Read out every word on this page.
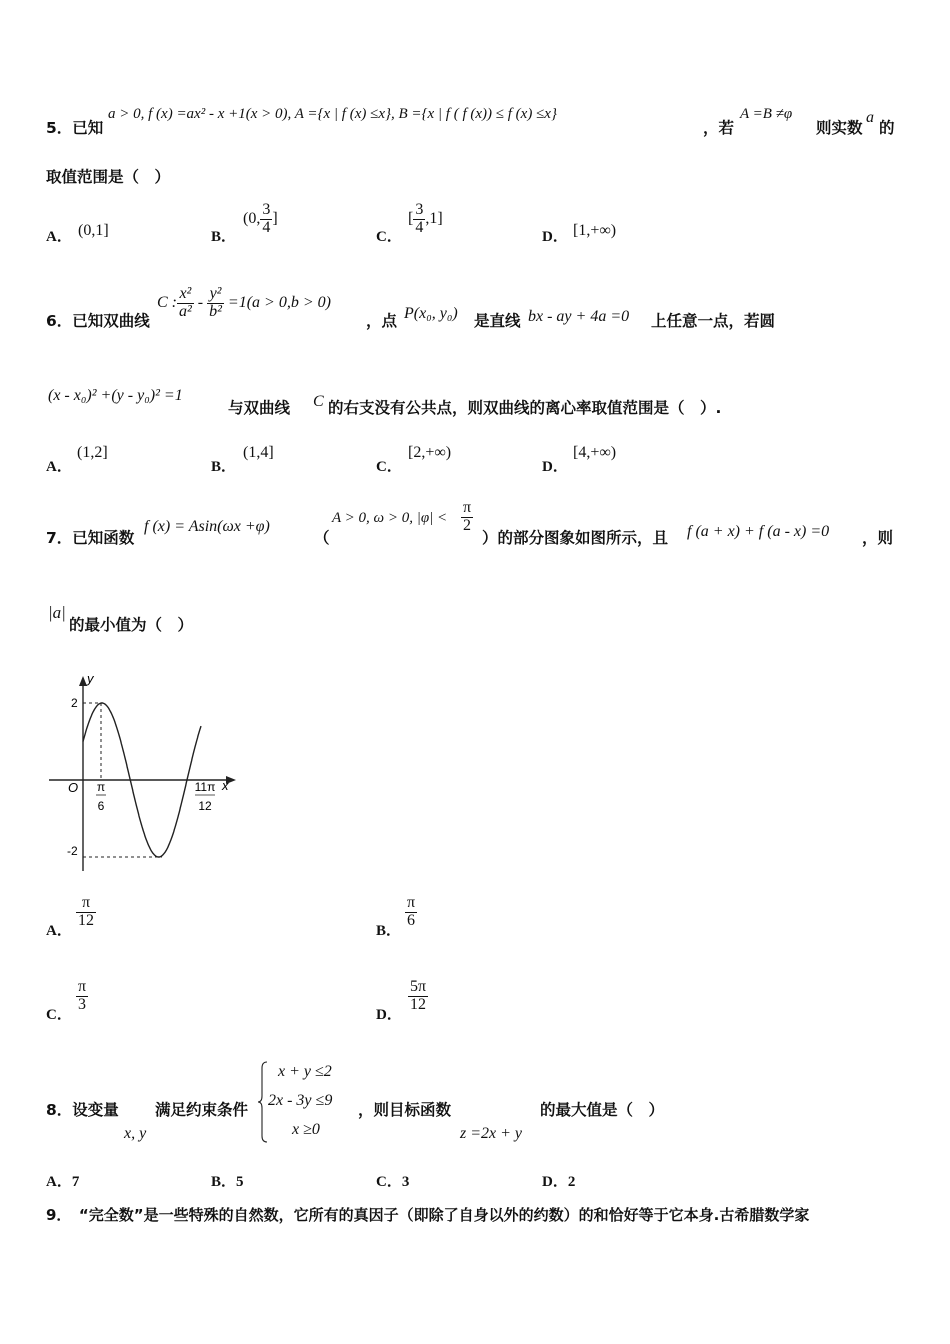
5．已知
a > 0, f (x) =ax² - x +1(x > 0), A ={x | f (x) ≤x}, B ={x | f ( f (x)) ≤ f (x) ≤x}
，若
A =B ≠φ
则实数
a
的
取值范围是（　）
A． (0,1]	B．
(0, $\frac{3}{4}$ ]
C．
[ $\frac{3}{4} ,1$]
D． [1,+∞)
6．已知双曲线
C : $\frac{\text{x²}}{\text{a²}} - \frac{\text{y²}}{\text{b²}} =1(a > 0,b > 0)$
，点 P(x₀, y₀) 是直线 bx - ay + 4a =0 上任意一点，若圆
(x - x₀)² +(y - y₀)² =1
与双曲线 C 的右支没有公共点，则双曲线的离心率取值范围是（　）.
A．
(1,2]
B．
(1,4]
C．
[2,+∞)
D．
[4,+∞)
7．已知函数
f (x) = Asin(ωx +φ)
（
A > 0, ω > 0, $|\varphi| < \frac{\pi}{2}$
）的部分图象如图所示，且 f (a + x) + f (a - x) =0 ，则
|a|
的最小值为（　）
y
x
O
2
-2
π
6
11π
12
A．
$\frac{\pi}{12}$
B．
$\frac{\pi}{6}$
C．
$\frac{\pi}{3}$
D．
$\frac{5\pi}{12}$
8．设变量
x, y
满足约束条件
x + y ≤2
2x - 3y ≤9
x ≥0
，则目标函数
z =2x + y
的最大值是（　）
A．7	B．5	C．3	D．2
9．　“完全数”是一些特殊的自然数，它所有的真因子（即除了自身以外的约数）的和恰好等于它本身.古希腊数学家
